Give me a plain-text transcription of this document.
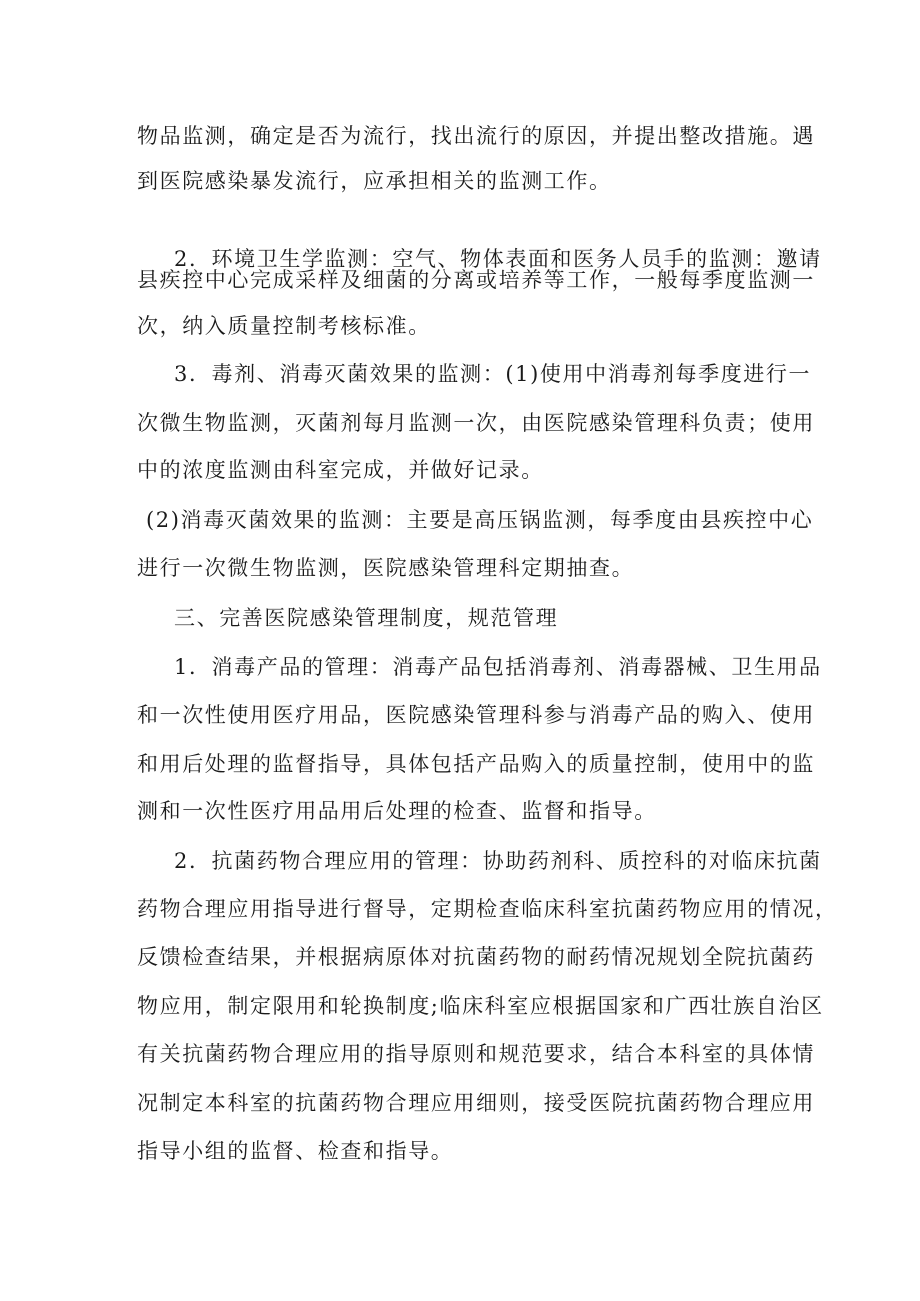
物品监测，确定是否为流行，找出流行的原因，并提出整改措施。遇
到医院感染暴发流行，应承担相关的监测工作。
2．环境卫生学监测：空气、物体表面和医务人员手的监测：邀请
县疾控中心完成采样及细菌的分离或培养等工作，一般每季度监测一
次，纳入质量控制考核标准。
3．毒剂、消毒灭菌效果的监测：(1)使用中消毒剂每季度进行一
次微生物监测，灭菌剂每月监测一次，由医院感染管理科负责；使用
中的浓度监测由科室完成，并做好记录。
(2)消毒灭菌效果的监测：主要是高压锅监测，每季度由县疾控中心
进行一次微生物监测，医院感染管理科定期抽查。
三、完善医院感染管理制度，规范管理
1．消毒产品的管理：消毒产品包括消毒剂、消毒器械、卫生用品
和一次性使用医疗用品，医院感染管理科参与消毒产品的购入、使用
和用后处理的监督指导，具体包括产品购入的质量控制，使用中的监
测和一次性医疗用品用后处理的检查、监督和指导。
2．抗菌药物合理应用的管理：协助药剂科、质控科的对临床抗菌
药物合理应用指导进行督导，定期检查临床科室抗菌药物应用的情况，
反馈检查结果，并根据病原体对抗菌药物的耐药情况规划全院抗菌药
物应用，制定限用和轮换制度;临床科室应根据国家和广西壮族自治区
有关抗菌药物合理应用的指导原则和规范要求，结合本科室的具体情
况制定本科室的抗菌药物合理应用细则，接受医院抗菌药物合理应用
指导小组的监督、检查和指导。
